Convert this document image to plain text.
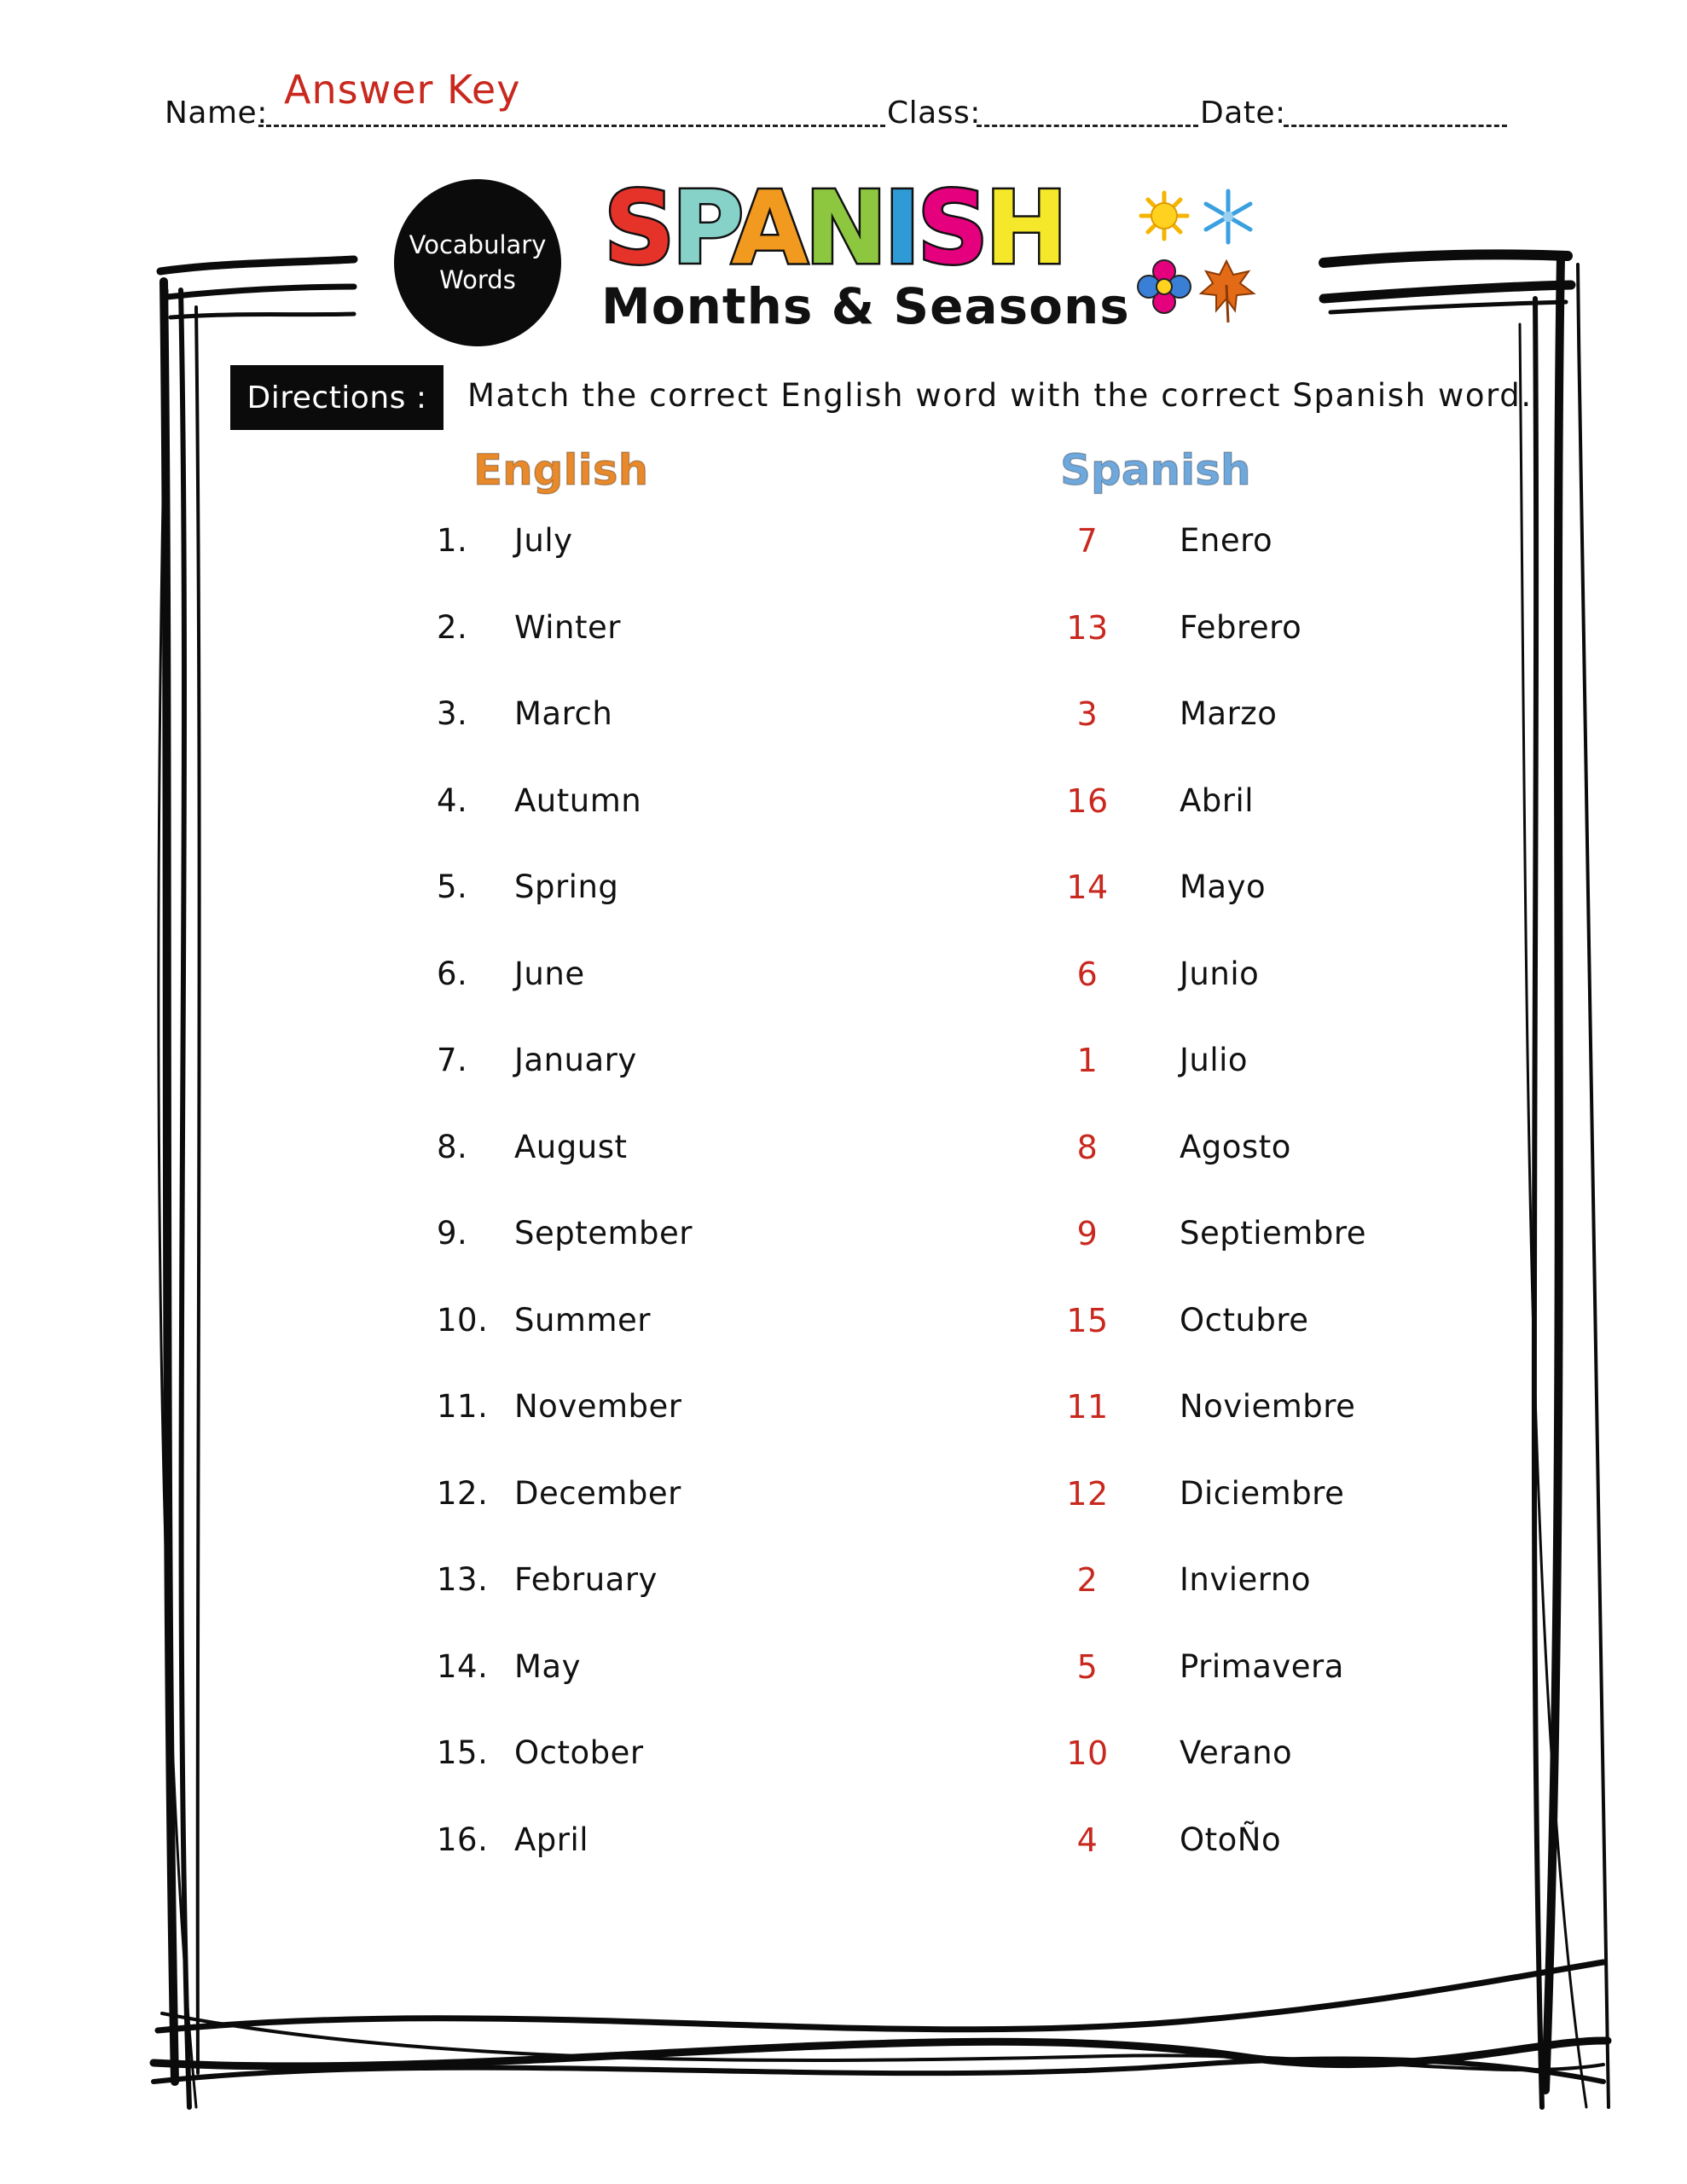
Name:
Answer Key
Class:	Date:
Vocabulary
Words SPANISH
Months & Seasons
Directions :	Match the correct English word with the correct Spanish word.
English	Spanish
1. July	7	Enero
2. Winter	13	Febrero
3. March	3	Marzo
4. Autumn	16	Abril
5. Spring	14	Mayo
6. June	6	Junio
7. January	1	Julio
8. August	8	Agosto
9. September	9	Septiembre
10. Summer	15	Octubre
11. November	11	Noviembre
12. December	12	Diciembre
13. February	2	Invierno
14. May	5	Primavera
15. October	10	Verano
16. April	4	OtoÑo
